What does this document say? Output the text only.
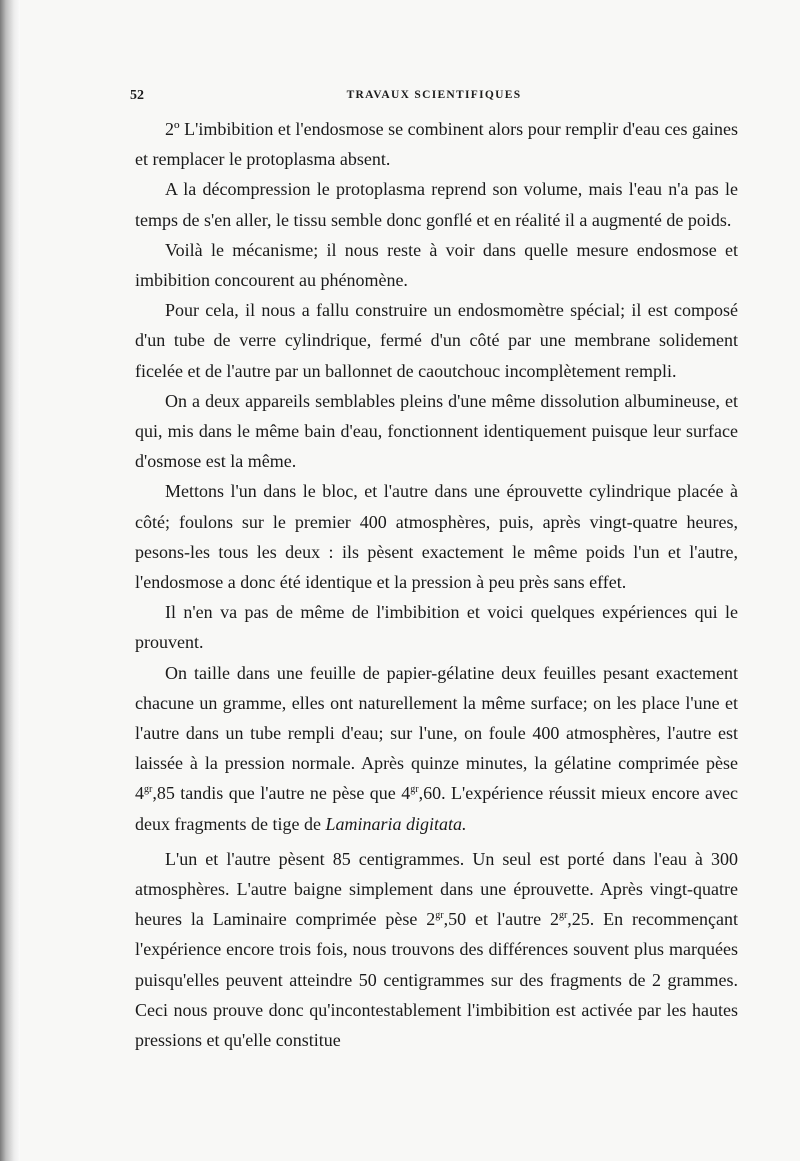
52	TRAVAUX SCIENTIFIQUES

2º L'imbibition et l'endosmose se combinent alors pour remplir d'eau ces gaines et remplacer le protoplasma absent.

A la décompression le protoplasma reprend son volume, mais l'eau n'a pas le temps de s'en aller, le tissu semble donc gonflé et en réalité il a augmenté de poids.

Voilà le mécanisme; il nous reste à voir dans quelle mesure endosmose et imbibition concourent au phénomène.

Pour cela, il nous a fallu construire un endosmomètre spécial; il est composé d'un tube de verre cylindrique, fermé d'un côté par une membrane solidement ficelée et de l'autre par un ballonnet de caoutchouc incomplètement rempli.

On a deux appareils semblables pleins d'une même dissolution albumineuse, et qui, mis dans le même bain d'eau, fonctionnent identiquement puisque leur surface d'osmose est la même.

Mettons l'un dans le bloc, et l'autre dans une éprouvette cylindrique placée à côté; foulons sur le premier 400 atmosphères, puis, après vingt-quatre heures, pesons-les tous les deux : ils pèsent exactement le même poids l'un et l'autre, l'endosmose a donc été identique et la pression à peu près sans effet.

Il n'en va pas de même de l'imbibition et voici quelques expériences qui le prouvent.

On taille dans une feuille de papier-gélatine deux feuilles pesant exactement chacune un gramme, elles ont naturellement la même surface; on les place l'une et l'autre dans un tube rempli d'eau; sur l'une, on foule 400 atmosphères, l'autre est laissée à la pression normale. Après quinze minutes, la gélatine comprimée pèse $4^{gr},85$ tandis que l'autre ne pèse que $4^{gr},60$. L'expérience réussit mieux encore avec deux fragments de tige de Laminaria digitata.

L'un et l'autre pèsent 85 centigrammes. Un seul est porté dans l'eau à 300 atmosphères. L'autre baigne simplement dans une éprouvette. Après vingt-quatre heures la Laminaire comprimée pèse $2^{gr},50$ et l'autre $2^{gr},25$. En recommençant l'expérience encore trois fois, nous trouvons des différences souvent plus marquées puisqu'elles peuvent atteindre 50 centigrammes sur des fragments de 2 grammes. Ceci nous prouve donc qu'incontestablement l'imbibition est activée par les hautes pressions et qu'elle constitue
